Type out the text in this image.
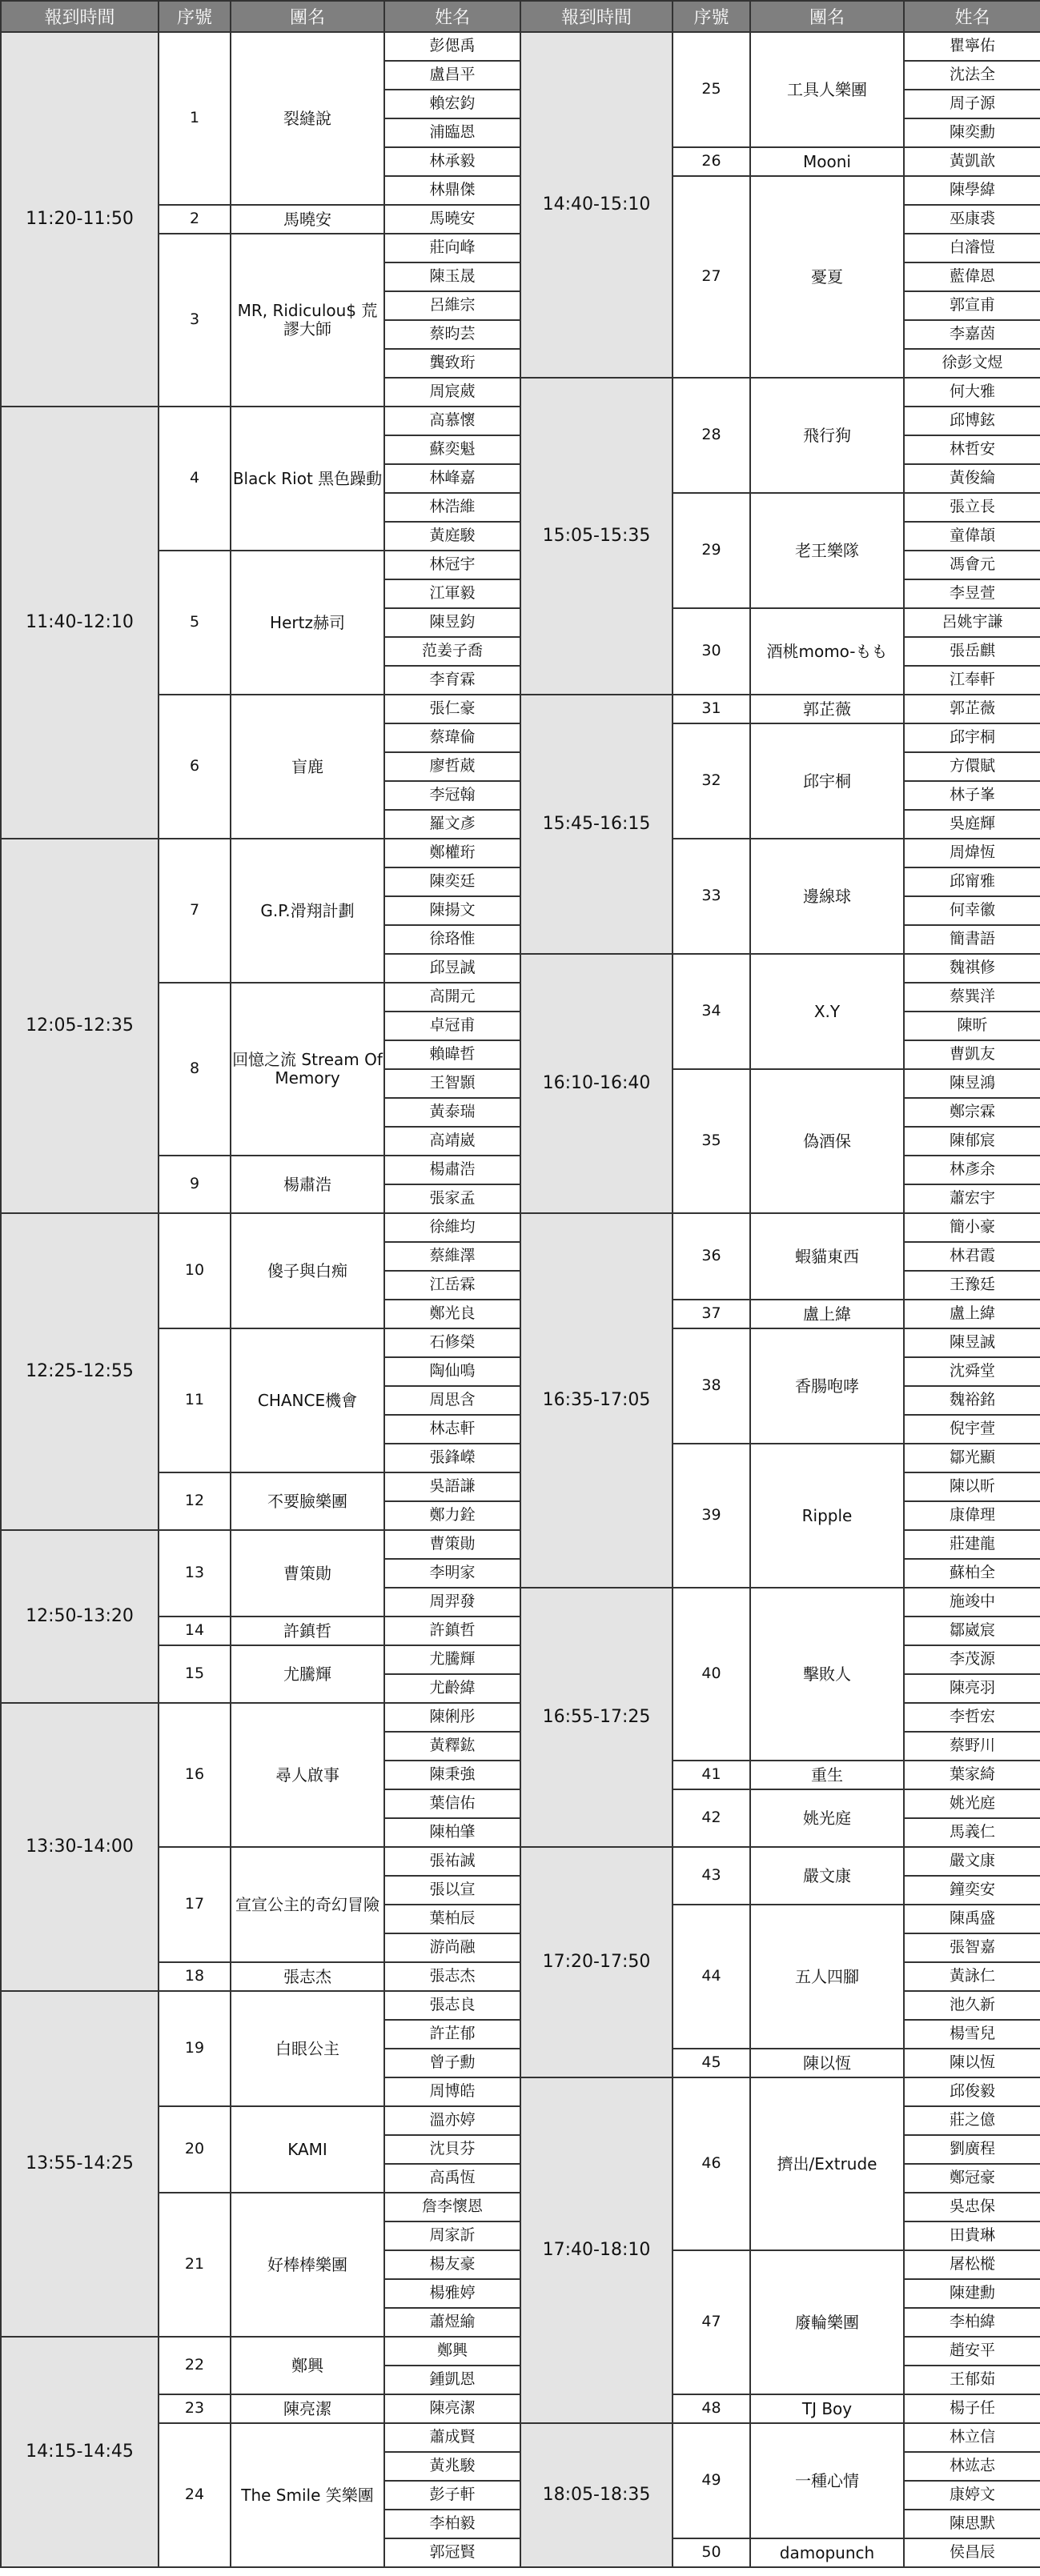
報到時間	序號	團名	姓名	報到時間	序號	團名	姓名
11:20-11:50	1	裂縫說	彭偲禹	14:40-15:10	25	工具人樂團	瞿寧佑
			盧昌平				沈法全
			賴宏鈞				周子源
			浦臨恩				陳奕勳
			林承毅		26	Mooni	黃凱歆
			林鼎傑		27	憂夏	陳學緯
	2	馬曉安	馬曉安				巫康裘
	3	MR, Ridiculou$ 荒謬大師	莊向峰				白濬愷
			陳玉晟				藍偉恩
			呂維宗				郭宣甫
			蔡昀芸				李嘉茵
			龔致珩				徐彭文煜
			周宸葳	15:05-15:35	28	飛行狗	何大雅
11:40-12:10	4	Black Riot 黑色躁動	高慕懷				邱博鉉
			蘇奕魁				林哲安
			林峰嘉				黃俊綸
			林浩維		29	老王樂隊	張立長
			黃庭駿				童偉頡
	5	Hertz赫司	林冠宇				馮會元
			江軍毅				李昱萱
			陳昱鈞		30	酒桃momo-もも	呂姚宇謙
			范姜子喬				張岳麒
			李育霖				江奉軒
	6	盲鹿	張仁豪	15:45-16:15	31	郭芷薇	郭芷薇
			蔡瑋倫		32	邱宇桐	邱宇桐
			廖哲葳				方儇賦
			李冠翰				林子峯
			羅文彥				吳庭輝
12:05-12:35	7	G.P.滑翔計劃	鄭權珩		33	邊線球	周煒恆
			陳奕廷				邱甯雅
			陳揚文				何幸徽
			徐珞惟				簡書語
			邱昱誠	16:10-16:40	34	X.Y	魏祺修
	8	回憶之流 Stream Of Memory	高開元				蔡巽洋
			卓冠甫				陳昕
			賴暐哲				曹凱友
			王智顥		35	偽酒保	陳昱鴻
			黃泰瑞				鄭宗霖
			高靖崴				陳郁宸
	9	楊肅浩	楊肅浩				林彥余
			張家孟				蕭宏宇
12:25-12:55	10	傻子與白痴	徐維均	16:35-17:05	36	蝦貓東西	簡小豪
			蔡維澤				林君霞
			江岳霖				王豫廷
			鄭光良		37	盧上緯	盧上緯
	11	CHANCE機會	石修榮		38	香腸咆哮	陳昱誠
			陶仙鳴				沈舜堂
			周思含				魏裕銘
			林志軒				倪宇萱
			張鋒嶸		39	Ripple	鄒光顯
	12	不要臉樂團	吳語謙				陳以昕
			鄭力銓				康偉理
12:50-13:20	13	曹策勛	曹策勛				莊建龍
			李明家				蘇柏全
			周羿發	16:55-17:25	40	擊敗人	施竣中
	14	許鎮哲	許鎮哲				鄒崴宸
	15	尤騰輝	尤騰輝				李茂源
			尤齡緯				陳亮羽
13:30-14:00	16	尋人啟事	陳俐彤				李哲宏
			黃釋鈜				蔡野川
			陳秉強		41	重生	葉家綺
			葉信佑		42	姚光庭	姚光庭
			陳柏肇				馬義仁
	17	宣宣公主的奇幻冒險	張祐誠	17:20-17:50	43	嚴文康	嚴文康
			張以宣				鐘奕安
			葉柏辰		44	五人四腳	陳禹盛
			游尚融				張智嘉
	18	張志杰	張志杰				黃詠仁
13:55-14:25	19	白眼公主	張志良				池久新
			許芷郁				楊雪兒
			曾子勳		45	陳以恆	陳以恆
			周博皓	17:40-18:10	46	擠出/Extrude	邱俊毅
	20	KAMI	溫亦婷				莊之億
			沈貝芬				劉廣程
			高禹恆				鄭冠豪
	21	好棒棒樂團	詹李懷恩				吳忠保
			周家訢				田貴琳
			楊友豪		47	廢輪樂團	屠松樅
			楊雅婷				陳建勳
			蕭煜緰				李柏緯
14:15-14:45	22	鄭興	鄭興				趙安平
			鍾凱恩				王郁茹
	23	陳亮潔	陳亮潔		48	TJ Boy	楊子任
	24	The Smile 笑樂團	蕭成賢	18:05-18:35	49	一種心情	林立信
			黃兆駿				林竑志
			彭子軒				康婷文
			李柏毅				陳思默
			郭冠賢		50	damopunch	侯昌辰
